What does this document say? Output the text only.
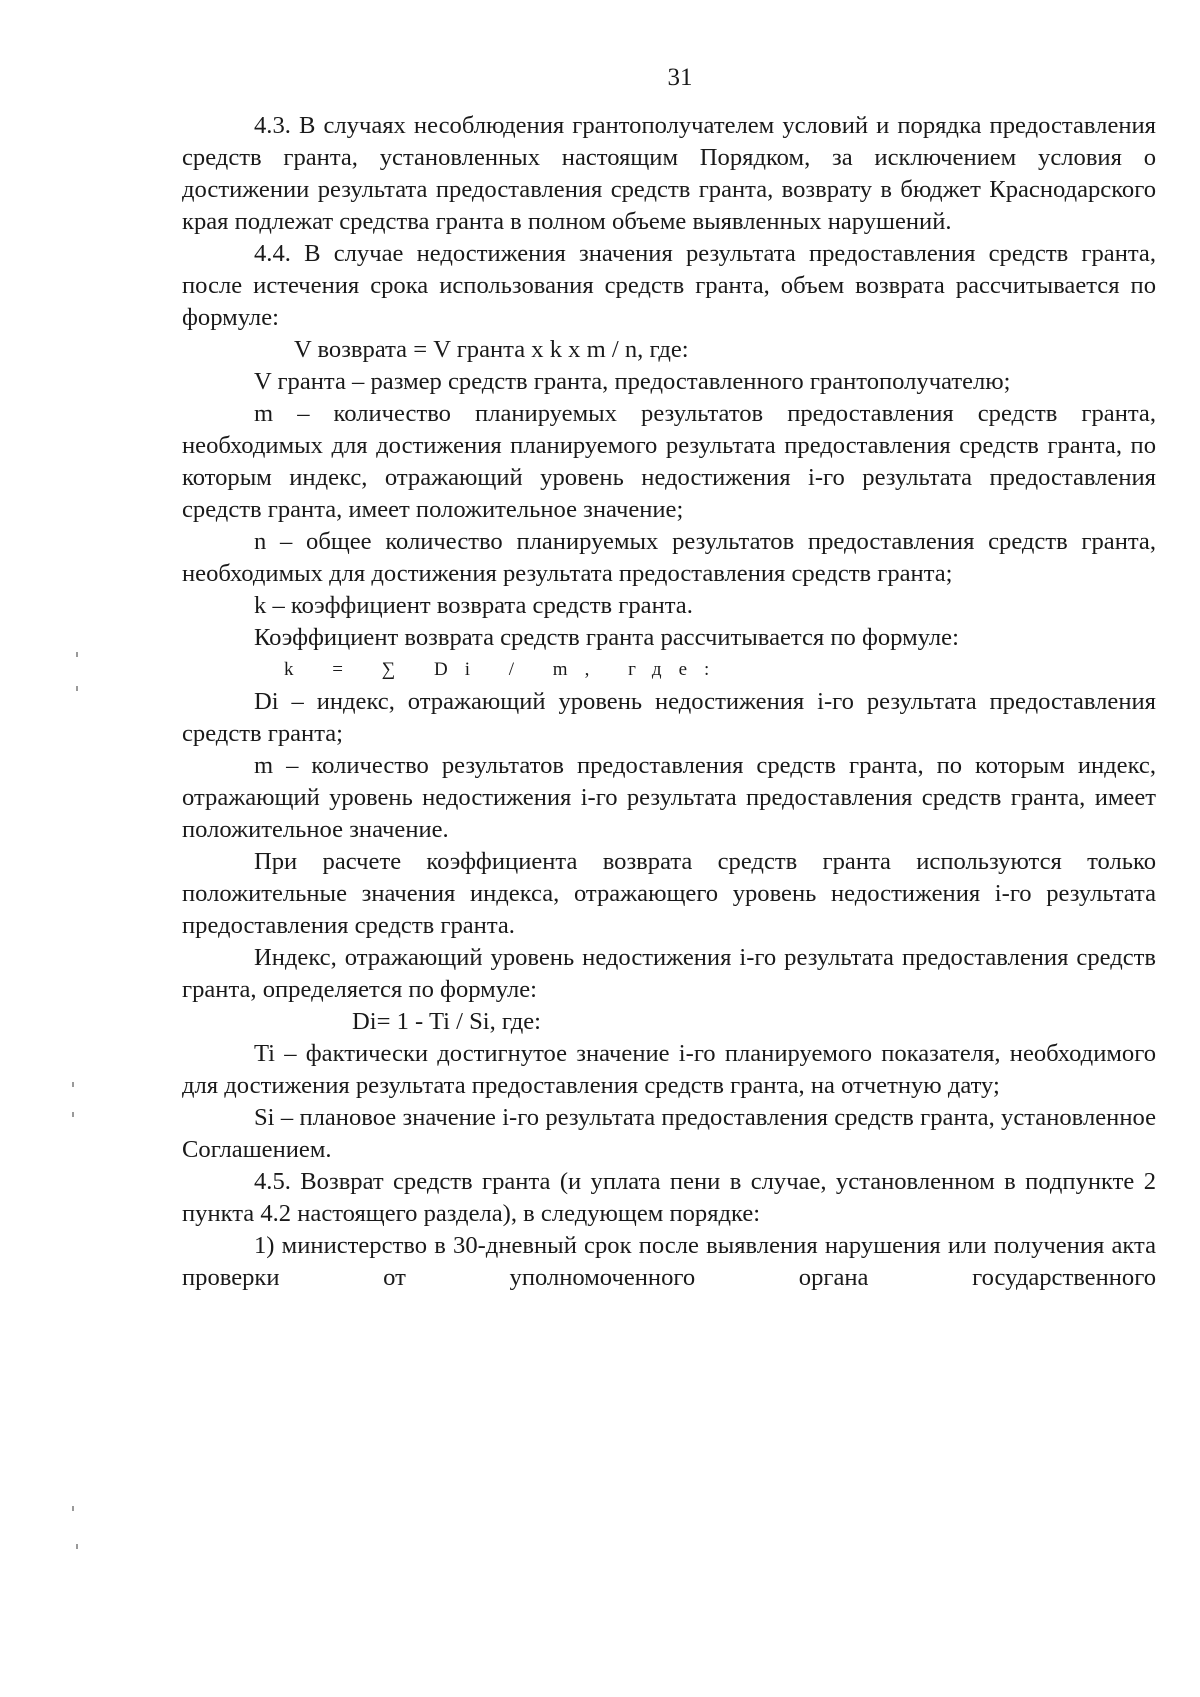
31

4.3. В случаях несоблюдения грантополучателем условий и порядка предоставления средств гранта, установленных настоящим Порядком, за исключением условия о достижении результата предоставления средств гранта, возврату в бюджет Краснодарского края подлежат средства гранта в полном объеме выявленных нарушений.

4.4. В случае недостижения значения результата предоставления средств гранта, после истечения срока использования средств гранта, объем возврата рассчитывается по формуле:

V возврата = V гранта x k x m / n, где:

V гранта – размер средств гранта, предоставленного грантополучателю;

m – количество планируемых результатов предоставления средств гранта, необходимых для достижения планируемого результата предоставления средств гранта, по которым индекс, отражающий уровень недостижения i-го результата предоставления средств гранта, имеет положительное значение;

n – общее количество планируемых результатов предоставления средств гранта, необходимых для достижения результата предоставления средств гранта;

k – коэффициент возврата средств гранта.

Коэффициент возврата средств гранта рассчитывается по формуле:

k = ∑ Di / m, где:

Di – индекс, отражающий уровень недостижения i-го результата предоставления средств гранта;

m – количество результатов предоставления средств гранта, по которым индекс, отражающий уровень недостижения i-го результата предоставления средств гранта, имеет положительное значение.

При расчете коэффициента возврата средств гранта используются только положительные значения индекса, отражающего уровень недостижения i-го результата предоставления средств гранта.

Индекс, отражающий уровень недостижения i-го результата предоставления средств гранта, определяется по формуле:

Di= 1 - Ti / Si, где:

Ti – фактически достигнутое значение i-го планируемого показателя, необходимого для достижения результата предоставления средств гранта, на отчетную дату;

Si – плановое значение i-го результата предоставления средств гранта, установленное Соглашением.

4.5. Возврат средств гранта (и уплата пени в случае, установленном в подпункте 2 пункта 4.2 настоящего раздела), в следующем порядке:

1) министерство в 30-дневный срок после выявления нарушения или получения акта проверки от уполномоченного органа государственного
